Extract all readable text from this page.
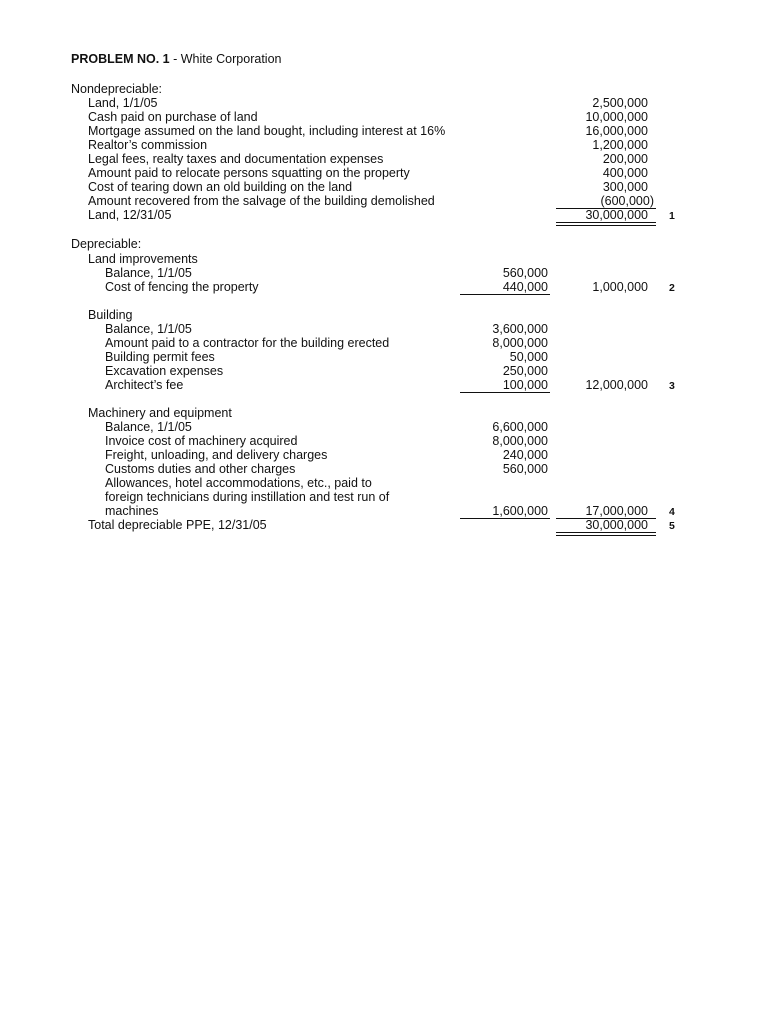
PROBLEM NO. 1 - White Corporation
Nondepreciable:
Land, 1/1/05	2,500,000
Cash paid on purchase of land	10,000,000
Mortgage assumed on the land bought, including interest at 16%	16,000,000
Realtor’s commission	1,200,000
Legal fees, realty taxes and documentation expenses	200,000
Amount paid to relocate persons squatting on the property	400,000
Cost of tearing down an old building on the land	300,000
Amount recovered from the salvage of the building demolished	(600,000)
Land, 12/31/05	30,000,000 1
Depreciable:
Land improvements
Balance, 1/1/05	560,000
Cost of fencing the property	440,000	1,000,000 2
Building
Balance, 1/1/05	3,600,000
Amount paid to a contractor for the building erected	8,000,000
Building permit fees	50,000
Excavation expenses	250,000
Architect’s fee	100,000	12,000,000 3
Machinery and equipment
Balance, 1/1/05	6,600,000
Invoice cost of machinery acquired	8,000,000
Freight, unloading, and delivery charges	240,000
Customs duties and other charges	560,000
Allowances, hotel accommodations, etc., paid to
foreign technicians during instillation and test run of
machines	1,600,000	17,000,000 4
Total depreciable PPE, 12/31/05	30,000,000 5
